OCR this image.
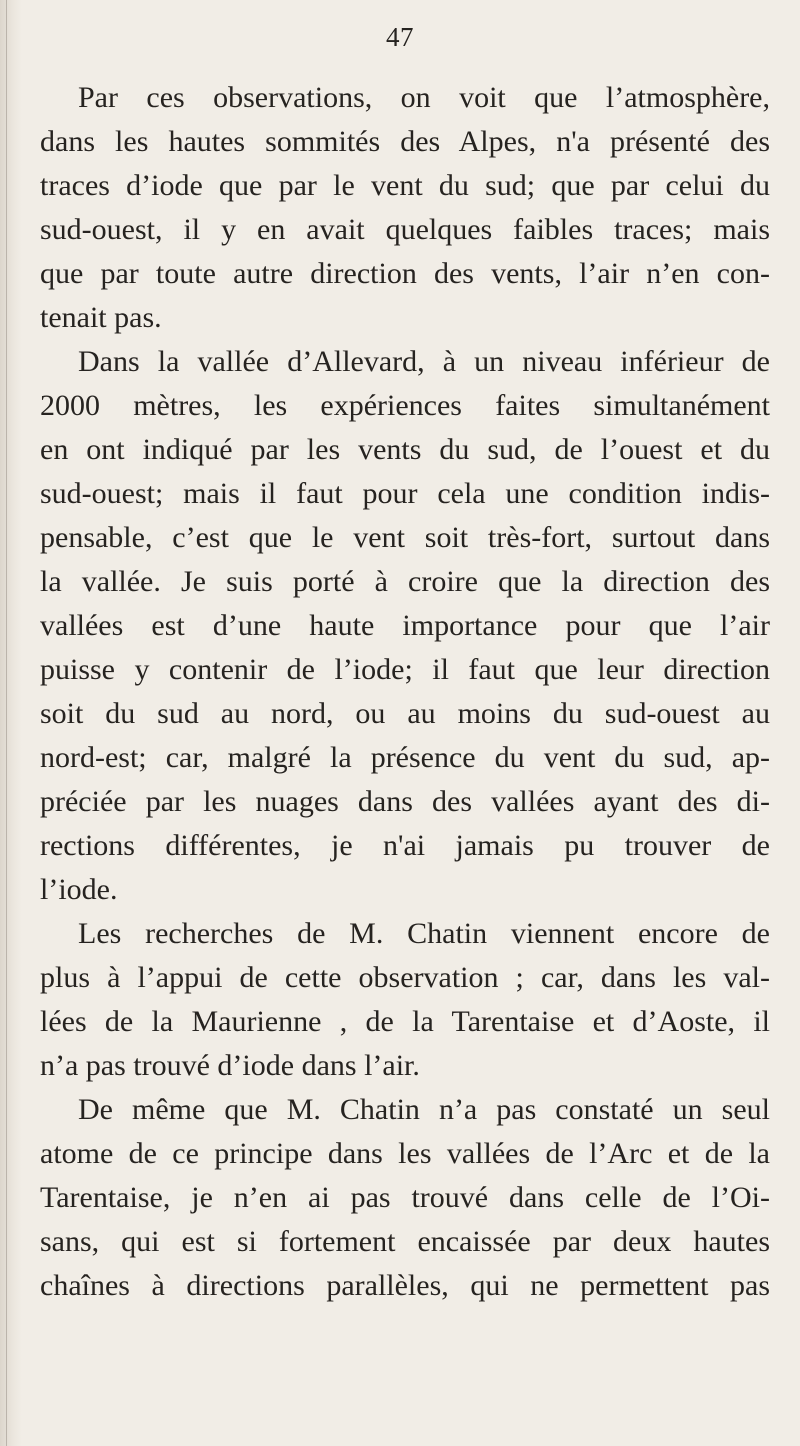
47
Par ces observations, on voit que l’atmosphère,
dans les hautes sommités des Alpes, n'a présenté des
traces d’iode que par le vent du sud; que par celui du
sud-ouest, il y en avait quelques faibles traces; mais
que par toute autre direction des vents, l’air n’en con-
tenait pas.
Dans la vallée d’Allevard, à un niveau inférieur de
2000 mètres, les expériences faites simultanément
en ont indiqué par les vents du sud, de l’ouest et du
sud-ouest; mais il faut pour cela une condition indis-
pensable, c’est que le vent soit très-fort, surtout dans
la vallée. Je suis porté à croire que la direction des
vallées est d’une haute importance pour que l’air
puisse y contenir de l’iode; il faut que leur direction
soit du sud au nord, ou au moins du sud-ouest au
nord-est; car, malgré la présence du vent du sud, ap-
préciée par les nuages dans des vallées ayant des di-
rections différentes, je n'ai jamais pu trouver de
l’iode.
Les recherches de M. Chatin viennent encore de
plus à l’appui de cette observation ; car, dans les val-
lées de la Maurienne , de la Tarentaise et d’Aoste, il
n’a pas trouvé d’iode dans l’air.
De même que M. Chatin n’a pas constaté un seul
atome de ce principe dans les vallées de l’Arc et de la
Tarentaise, je n’en ai pas trouvé dans celle de l’Oi-
sans, qui est si fortement encaissée par deux hautes
chaînes à directions parallèles, qui ne permettent pas
